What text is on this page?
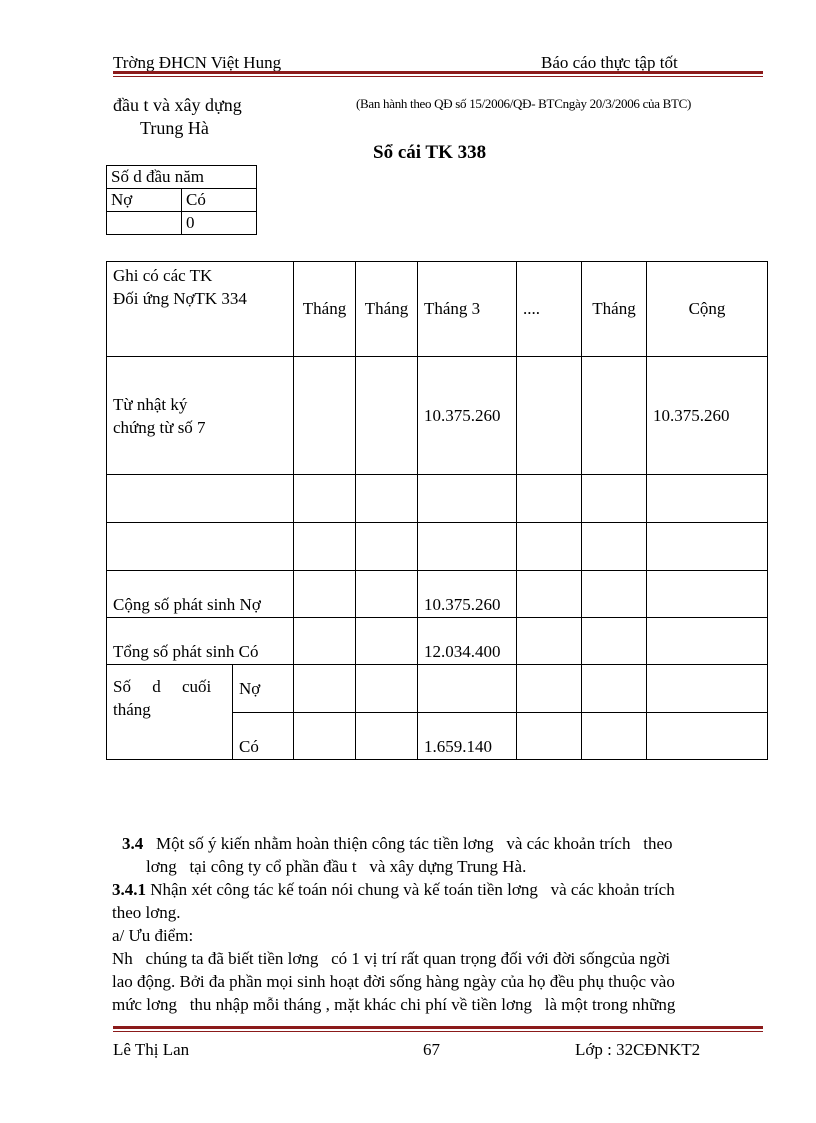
Trờng ĐHCN Việt Hung	Báo cáo thực tập tốt
đầu t và xây dựng
Trung Hà
(Ban hành theo QĐ số 15/2006/QĐ- BTCngày 20/3/2006 của BTC)
Sổ cái TK 338
Số d đầu năm	
Nợ	Có
	0
Ghi có các TK
Đối ứng NợTK 334		Tháng	Tháng	Tháng 3	....	Tháng	Cộng

Từ nhật ký
chứng từ số 7				10.375.260			10.375.260

Cộng số phát sinh Nợ				10.375.260			
Tổng số phát sinh Có				12.034.400			

Số     d     cuối
tháng	Nợ						
	Có			1.659.140			
3.4 Một số ý kiến nhằm hoàn thiện công tác tiền lơng   và các khoản trích   theo
lơng   tại công ty cổ phần đầu t   và xây dựng Trung Hà.
3.4.1 Nhận xét công tác kế toán nói chung và kế toán tiền lơng   và các khoản trích
theo lơng.
a/ Ưu điểm:
Nh   chúng ta đã biết tiền lơng   có 1 vị trí rất quan trọng đối với đời sốngcủa ngời
lao động. Bởi đa phần mọi sinh hoạt đời sống hàng ngày của họ đều phụ thuộc vào
mức lơng   thu nhập mỗi tháng , mặt khác chi phí về tiền lơng   là một trong những
Lê Thị Lan	67	Lớp : 32CĐNKT2
